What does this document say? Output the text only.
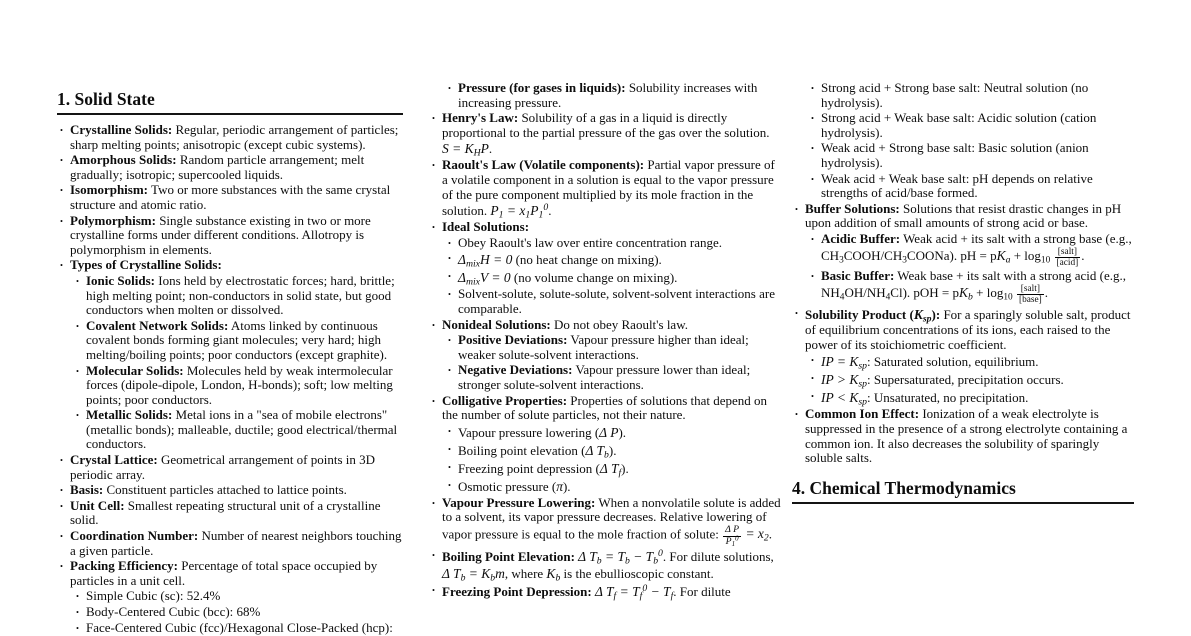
1. Solid State
• Crystalline Solids: Regular, periodic arrangement of particles; sharp melting points; anisotropic (except cubic systems).
• Amorphous Solids: Random particle arrangement; melt gradually; isotropic; supercooled liquids.
• Isomorphism: Two or more substances with the same crystal structure and atomic ratio.
• Polymorphism: Single substance existing in two or more crystalline forms under different conditions. Allotropy is polymorphism in elements.
• Types of Crystalline Solids:
• Ionic Solids: Ions held by electrostatic forces; hard, brittle; high melting point; non-conductors in solid state, but good conductors when molten or dissolved.
• Covalent Network Solids: Atoms linked by continuous covalent bonds forming giant molecules; very hard; high melting/boiling points; poor conductors (except graphite).
• Molecular Solids: Molecules held by weak intermolecular forces (dipole-dipole, London, H-bonds); soft; low melting points; poor conductors.
• Metallic Solids: Metal ions in a "sea of mobile electrons" (metallic bonds); malleable, ductile; good electrical/thermal conductors.
• Crystal Lattice: Geometrical arrangement of points in 3D periodic array.
• Basis: Constituent particles attached to lattice points.
• Unit Cell: Smallest repeating structural unit of a crystalline solid.
• Coordination Number: Number of nearest neighbors touching a given particle.
• Packing Efficiency: Percentage of total space occupied by particles in a unit cell.
• Simple Cubic (sc): 52.4%
• Body-Centered Cubic (bcc): 68%
• Face-Centered Cubic (fcc)/Hexagonal Close-Packed (hcp):
• Pressure (for gases in liquids): Solubility increases with increasing pressure.
• Henry's Law: Solubility of a gas in a liquid is directly proportional to the partial pressure of the gas over the solution.
$S = K_HP$.
• Raoult's Law (Volatile components): Partial vapor pressure of a volatile component in a solution is equal to the vapor pressure of the pure component multiplied by its mole fraction in the solution. $P_1 = x_1P_1^0$.
• Ideal Solutions:
• Obey Raoult's law over entire concentration range.
• $\Delta_{mix}H = 0$ (no heat change on mixing).
• $\Delta_{mix}V = 0$ (no volume change on mixing).
• Solvent-solute, solute-solute, solvent-solvent interactions are comparable.
• Nonideal Solutions: Do not obey Raoult's law.
• Positive Deviations: Vapour pressure higher than ideal; weaker solute-solvent interactions.
• Negative Deviations: Vapour pressure lower than ideal; stronger solute-solvent interactions.
• Colligative Properties: Properties of solutions that depend on the number of solute particles, not their nature.
• Vapour pressure lowering (Δ P).
• Boiling point elevation (Δ $T_b$).
• Freezing point depression (Δ $T_f$).
• Osmotic pressure (π).
• Vapour Pressure Lowering: When a nonvolatile solute is added to a solvent, its vapor pressure decreases. Relative lowering of vapor pressure is equal to the mole fraction of solute: $\frac{\text{Δ P}}{P_1^0} = x_2$.
• Boiling Point Elevation: Δ $T_b = T_b - T_b^0$. For dilute solutions, Δ $T_b = K_bm$, where $K_b$ is the ebullioscopic constant.
• Freezing Point Depression: Δ $T_f = T_f^0 - T_f$. For dilute
• Strong acid + Strong base salt: Neutral solution (no hydrolysis).
• Strong acid + Weak base salt: Acidic solution (cation hydrolysis).
• Weak acid + Strong base salt: Basic solution (anion hydrolysis).
• Weak acid + Weak base salt: pH depends on relative strengths of acid/base formed.
• Buffer Solutions: Solutions that resist drastic changes in pH upon addition of small amounts of strong acid or base.
• Acidic Buffer: Weak acid + its salt with a strong base (e.g., $CH_3COOH/CH_3COONa$). pH = $pK_a + \log_{10} \frac{\text{[salt]}}{\text{[acid]}}$ .
• Basic Buffer: Weak base + its salt with a strong acid (e.g., $NH_4OH/NH_4Cl$). pOH = $pK_b + \log_{10} \frac{\text{[salt]}}{\text{[base]}}$ .
• Solubility Product $(K_{sp})$: For a sparingly soluble salt, product of equilibrium concentrations of its ions, each raised to the power of its stoichiometric coefficient.
• IP = $K_{sp}$: Saturated solution, equilibrium.
• IP > $K_{sp}$: Supersaturated, precipitation occurs.
• IP < $K_{sp}$: Unsaturated, no precipitation.
• Common Ion Effect: Ionization of a weak electrolyte is suppressed in the presence of a strong electrolyte containing a common ion. It also decreases the solubility of sparingly soluble salts.
4. Chemical Thermodynamics
